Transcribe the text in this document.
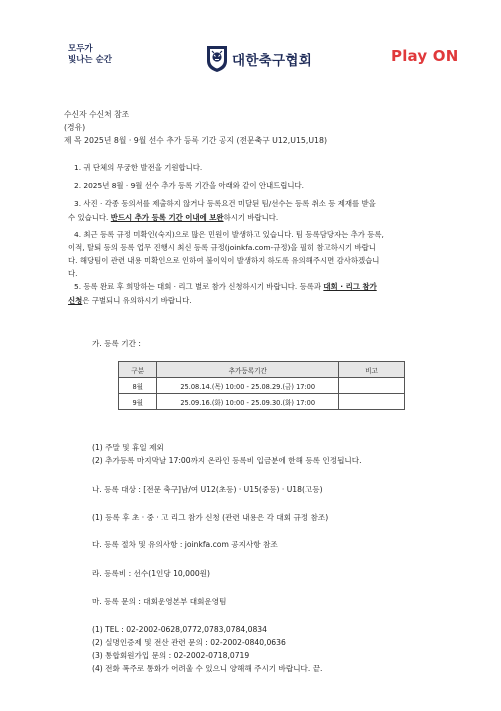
모두가
빛나는 순간	대한축구협회	Play ON
수신자 수신처 참조
(경유)
제 목 2025년 8월 · 9월 선수 추가 등록 기간 공지 (전문축구 U12,U15,U18)
1. 귀 단체의 무궁한 발전을 기원합니다.
2. 2025년 8월 · 9월 선수 추가 등록 기간을 아래와 같이 안내드립니다.
3. 사진 · 각종 동의서를 제출하지 않거나 등록요건 미달된 팀/선수는 등록 취소 등 제재를 받을
수 있습니다. 반드시 추가 등록 기간 이내에 보완하시기 바랍니다.
4. 최근 등록 규정 미확인(숙지)으로 많은 민원이 발생하고 있습니다. 팀 등록담당자는 추가 등록,
이적, 탈퇴 등의 등록 업무 진행시 최신 등록 규정(joinkfa.com-규정)을 필히 참고하시기 바랍니
다. 해당팀이 관련 내용 미확인으로 인하여 불이익이 발생하지 하도록 유의해주시면 감사하겠습니
다.
5. 등록 완료 후 희망하는 대회 · 리그 별로 참가 신청하시기 바랍니다. 등록과 대회 · 리그 참가
신청은 구별되니 유의하시기 바랍니다.
가. 등록 기간 :
구분	추가등록기간	비고
8월	25.08.14.(목) 10:00 - 25.08.29.(금) 17:00	
9월	25.09.16.(화) 10:00 - 25.09.30.(화) 17:00	
(1) 주말 및 휴일 제외
(2) 추가등록 마지막날 17:00까지 온라인 등록비 입금분에 한해 등록 인정됩니다.
나. 등록 대상 : [전문 축구]남/여 U12(초등) · U15(중등) · U18(고등)
(1) 등록 후 초 · 중 · 고 리그 참가 신청 (관련 내용은 각 대회 규정 참조)
다. 등록 절차 및 유의사항 : joinkfa.com 공지사항 참조
라. 등록비 : 선수(1인당 10,000원)
마. 등록 문의 : 대회운영본부 대회운영팀
(1) TEL : 02-2002-0628,0772,0783,0784,0834
(2) 실명인증제 및 전산 관련 문의 : 02-2002-0840,0636
(3) 통합회원가입 문의 : 02-2002-0718,0719
(4) 전화 폭주로 통화가 어려울 수 있으니 양해해 주시기 바랍니다. 끝.
